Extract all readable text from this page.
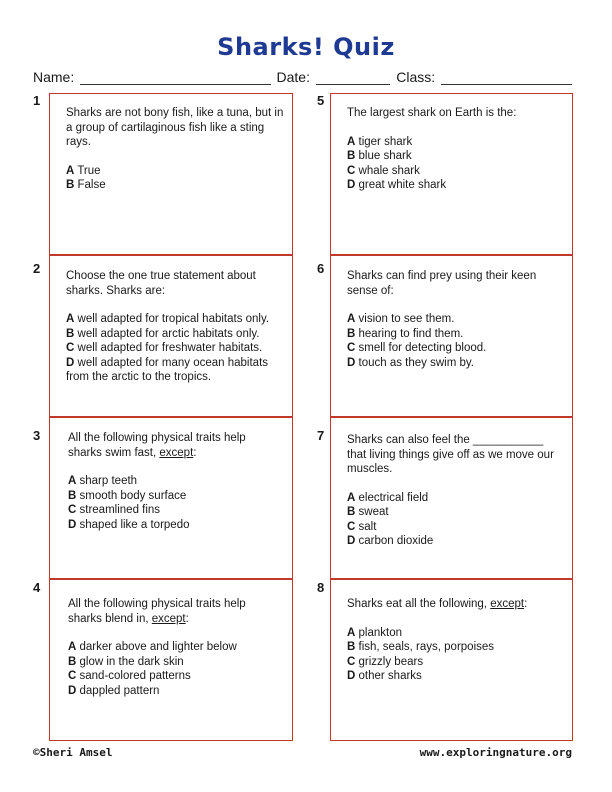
Sharks! Quiz
Name:	Date:	Class:
1
2
3
4
5
6
7
8

Sharks are not bony fish, like a tuna, but in a group of cartilaginous fish like a sting rays.

A True
B False

Choose the one true statement about sharks. Sharks are:

A well adapted for tropical habitats only.
B well adapted for arctic habitats only.
C well adapted for freshwater habitats.
D well adapted for many ocean habitats from the arctic to the tropics.

All the following physical traits help sharks swim fast, except:

A sharp teeth
B smooth body surface
C streamlined fins
D shaped like a torpedo

All the following physical traits help sharks blend in, except:

A darker above and lighter below
B glow in the dark skin
C sand-colored patterns
D dappled pattern

The largest shark on Earth is the:

A tiger shark
B blue shark
C whale shark
D great white shark

Sharks can find prey using their keen sense of:

A vision to see them.
B hearing to find them.
C smell for detecting blood.
D touch as they swim by.

Sharks can also feel the ___________ that living things give off as we move our muscles.

A electrical field
B sweat
C salt
D carbon dioxide

Sharks eat all the following, except:

A plankton
B fish, seals, rays, porpoises
C grizzly bears
D other sharks
©Sheri Amsel	www.exploringnature.org
